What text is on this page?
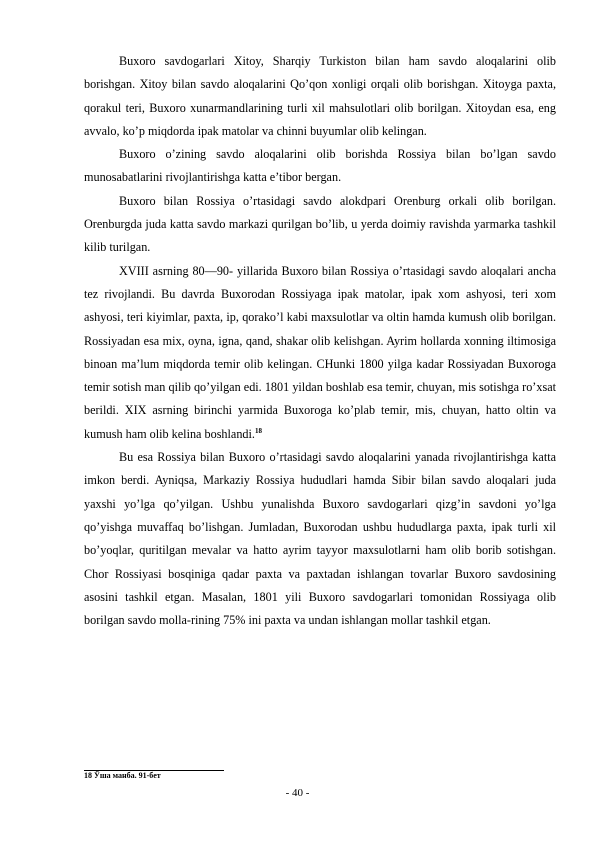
Buxoro savdogarlari Xitoy, Sharqiy Turkiston bilan ham savdo aloqalarini olib borishgan. Xitoy bilan savdo aloqalarini Qo’qon xonligi orqali olib borishgan. Xitoyga paxta, qorakul teri, Buxoro xunarmandlarining turli xil mahsulotlari olib borilgan. Xitoydan esa, eng avvalo, ko’p miqdorda ipak matolar va chinni buyumlar olib kelingan.

Buxoro o’zining savdo aloqalarini olib borishda Rossiya bilan bo’lgan savdo munosabatlarini rivojlantirishga katta e’tibor bergan.

Buxoro bilan Rossiya o’rtasidagi savdo alokdpari Orenburg orkali olib borilgan. Orenburgda juda katta savdo markazi qurilgan bo’lib, u yerda doimiy ravishda yarmarka tashkil kilib turilgan.

XVIII asrning 80—90- yillarida Buxoro bilan Rossiya o’rtasidagi savdo aloqalari ancha tez rivojlandi. Bu davrda Buxorodan Rossiyaga ipak matolar, ipak xom ashyosi, teri xom ashyosi, teri kiyimlar, paxta, ip, qorako’l kabi maxsulotlar va oltin hamda kumush olib borilgan. Rossiyadan esa mix, oyna, igna, qand, shakar olib kelishgan. Ayrim hollarda xonning iltimosiga binoan ma’lum miqdorda temir olib kelingan. CHunki 1800 yilga kadar Rossiyadan Buxoroga temir sotish man qilib qo’yilgan edi. 1801 yildan boshlab esa temir, chuyan, mis sotishga ro’xsat berildi. XIX asrning birinchi yarmida Buxoroga ko’plab temir, mis, chuyan, hatto oltin va kumush ham olib kelina boshlandi.$^{18}$

Bu esa Rossiya bilan Buxoro o’rtasidagi savdo aloqalarini yanada rivojlantirishga katta imkon berdi. Ayniqsa, Markaziy Rossiya hududlari hamda Sibir bilan savdo aloqalari juda yaxshi yo’lga qo’yilgan. Ushbu yunalishda Buxoro savdogarlari qizg’in savdoni yo’lga qo’yishga muvaffaq bo’lishgan. Jumladan, Buxorodan ushbu hududlarga paxta, ipak turli xil bo’yoqlar, quritilgan mevalar va hatto ayrim tayyor maxsulotlarni ham olib borib sotishgan. Chor Rossiyasi bosqiniga qadar paxta va paxtadan ishlangan tovarlar Buxoro savdosining asosini tashkil etgan. Masalan, 1801 yili Buxoro savdogarlari tomonidan Rossiyaga olib borilgan savdo molla-rining 75% ini paxta va undan ishlangan mollar tashkil etgan.

18 Ўша манба. 91-бет

- 40 -
